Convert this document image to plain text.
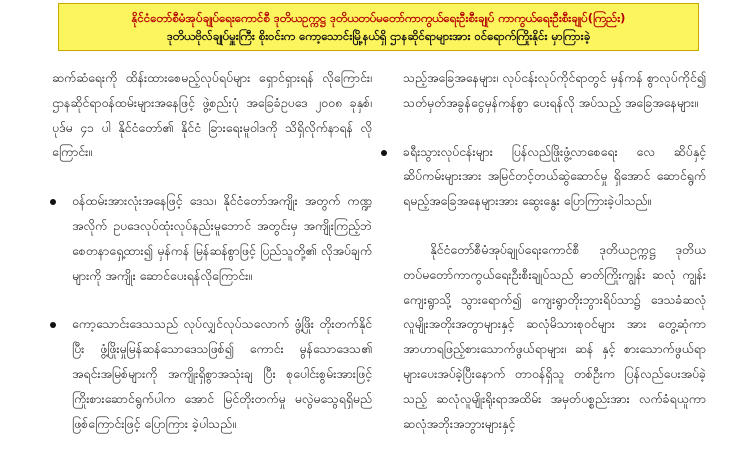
နိုင်ငံတော်စီမံအုပ်ချုပ်ရေးကောင်စီ ဒုတိယဥက္ကဋ္ဌ ဒုတိယတပ်မတော်ကာကွယ်ရေးဦးစီးချုပ် ကာကွယ်ရေးဦးစီးချုပ်(ကြည်း)
ဒုတိယဗိုလ်ချုပ်မှူးကြီး စိုးဝင်းက ကော့သောင်းမြို့နယ်ရှိ ဌာနဆိုင်ရာများအား ဝင်ရောက်ကြိုးနိုင်း မှာကြားခဲ့

ဆက်ဆံရေးကို ထိန်းထားစေမည့်လုပ်ရပ်များ ရှောင်ရှားရန် လိုကြောင်း၊ ဌာနဆိုင်ရာဝန်ထမ်းများအနေဖြင့် ဖွဲ့စည်းပုံ အခြေခံဥပဒေ ၂၀၀၈ ခုနှစ်၊ ပုဒ်မ ၄၁ ပါ နိုင်ငံတော်၏ နိုင်ငံ ခြားရေးမူဝါဒကို သိရှိလိုက်နာရန် လိုကြောင်း။

ဝန်ထမ်းအားလုံးအနေဖြင့် ဒေသ၊ နိုင်ငံတော်အကျိုး အတွက် ကဏ္ဍအလိုက် ဥပဒေလုပ်ထုံးလုပ်နည်းမူဘောင် အတွင်းမှ အကျိုးကြည့်ဘဲ စေတနာရှေ့ထား၍ မှန်ကန် မြန်ဆန်စွာဖြင့် ပြည်သူတို့၏ လိုအပ်ချက်များကို အကျိုး ဆောင်ပေးရန်လိုကြောင်း။
ကော့သောင်းဒေသသည် လုပ်လျှင်လုပ်သလောက် ဖွံ့ဖြိုး တိုးတက်နိုင်ပြီး ဖွံ့ဖြိုးမှုမြန်ဆန်သောဒေသဖြစ်၍ ကောင်း မွန်သောဒေသ၏ အရင်းအမြစ်များကို အကျိုးရှိစွာအသုံးချ ပြီး စုပေါင်းစွမ်းအားဖြင့် ကြိုးစားဆောင်ရွက်ပါက အောင် မြင်တိုးတက်မှု မလွဲမသွေရရှိမည်ဖြစ်ကြောင်းဖြင့် ပြောကြား ခဲ့ပါသည်။

သည့်အခြေအနေများ၊ လုပ်ငန်းလုပ်ကိုင်ရာတွင် မှန်ကန် စွာလုပ်ကိုင်၍ သတ်မှတ်အခွန်ငွေမှန်ကန်စွာ ပေးရန်လို အပ်သည့် အခြေအနေများ။

ခရီးသွားလုပ်ငန်းများ ပြန်လည်ဖြိုးဖွံ့လာစေရေး လေ ဆိပ်နှင့် ဆိပ်ကမ်းများအား အမြင်တင့်တယ်ဆွဲဆောင်မှု ရှိအောင် ဆောင်ရွက်ရမည့်အခြေအနေများအား ဆွေးနွေး ပြောကြားခဲ့ပါသည်။

နိုင်ငံတော်စီမံအုပ်ချုပ်ရေးကောင်စီ ဒုတိယဥက္ကဋ္ဌ ဒုတိယ တပ်မတော်ကာကွယ်ရေးဦးစီးချုပ်သည် ဓာတ်ကြိုးကျွန်း ဆလုံ ကျွန်းကျေးရွာသို့ သွားရောက်၍ ကျေးရွာတိုးဘွားရိပ်သာ၌ ဒေသခံဆလုံလူမျိုးအတိုးအတွာများနှင့် ဆလုံမိသားစုဝင်များ အား တွေ့ဆုံကာ အာဟာရဖြည့်စားသောက်ဖွယ်ရာများ၊ ဆန် နှင့် စားသောက်ဖွယ်ရာများပေးအပ်ခဲ့ပြီးနောက် တာဝန်ရှိသူ တစ်ဦးက ပြန်လည်ပေးအပ်ခဲ့သည့် ဆလုံလူမျိုးရိုးရာအထိမ်း အမှတ်ပစ္စည်းအား လက်ခံရယူကာ ဆလုံအဘိုးအဘွားများနှင့်
